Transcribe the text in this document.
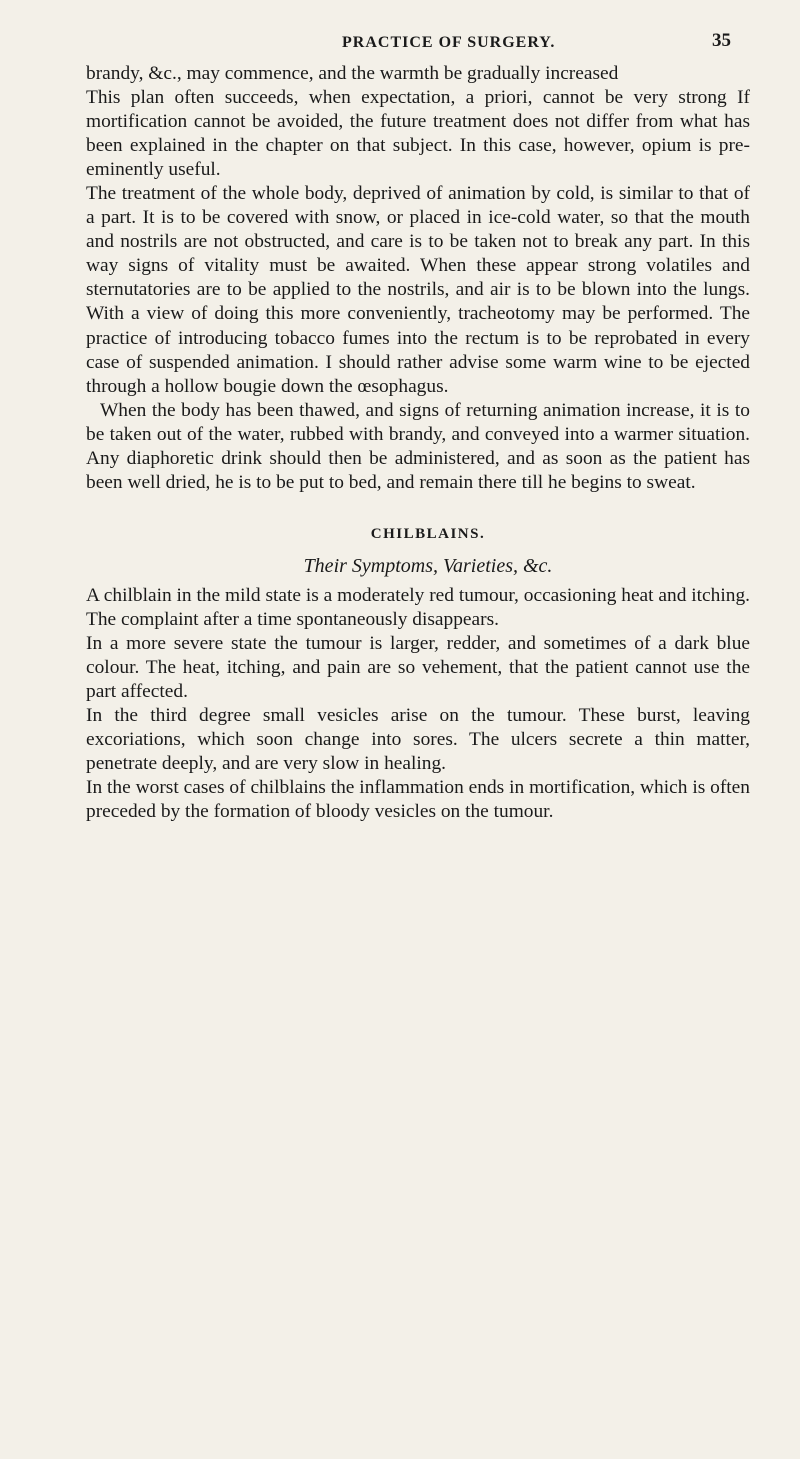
PRACTICE OF SURGERY.	35

brandy, &c., may commence, and the warmth be gradually increased

This plan often succeeds, when expectation, a priori, cannot be very strong If mortification cannot be avoided, the future treatment does not differ from what has been explained in the chapter on that subject. In this case, however, opium is pre-eminently useful.

The treatment of the whole body, deprived of animation by cold, is similar to that of a part. It is to be covered with snow, or placed in ice-cold water, so that the mouth and nostrils are not obstructed, and care is to be taken not to break any part. In this way signs of vitality must be awaited. When these appear strong volatiles and sternutatories are to be applied to the nostrils, and air is to be blown into the lungs. With a view of doing this more conveniently, tracheotomy may be performed. The practice of introducing tobacco fumes into the rectum is to be reprobated in every case of suspended animation. I should rather advise some warm wine to be ejected through a hollow bougie down the œsophagus.

When the body has been thawed, and signs of returning animation increase, it is to be taken out of the water, rubbed with brandy, and conveyed into a warmer situation. Any diaphoretic drink should then be administered, and as soon as the patient has been well dried, he is to be put to bed, and remain there till he begins to sweat.

CHILBLAINS.
Their Symptoms, Varieties, &c.

A chilblain in the mild state is a moderately red tumour, occasioning heat and itching. The complaint after a time spontaneously disappears.

In a more severe state the tumour is larger, redder, and sometimes of a dark blue colour. The heat, itching, and pain are so vehement, that the patient cannot use the part affected.

In the third degree small vesicles arise on the tumour. These burst, leaving excoriations, which soon change into sores. The ulcers secrete a thin matter, penetrate deeply, and are very slow in healing.

In the worst cases of chilblains the inflammation ends in mortification, which is often preceded by the formation of bloody vesicles on the tumour.
